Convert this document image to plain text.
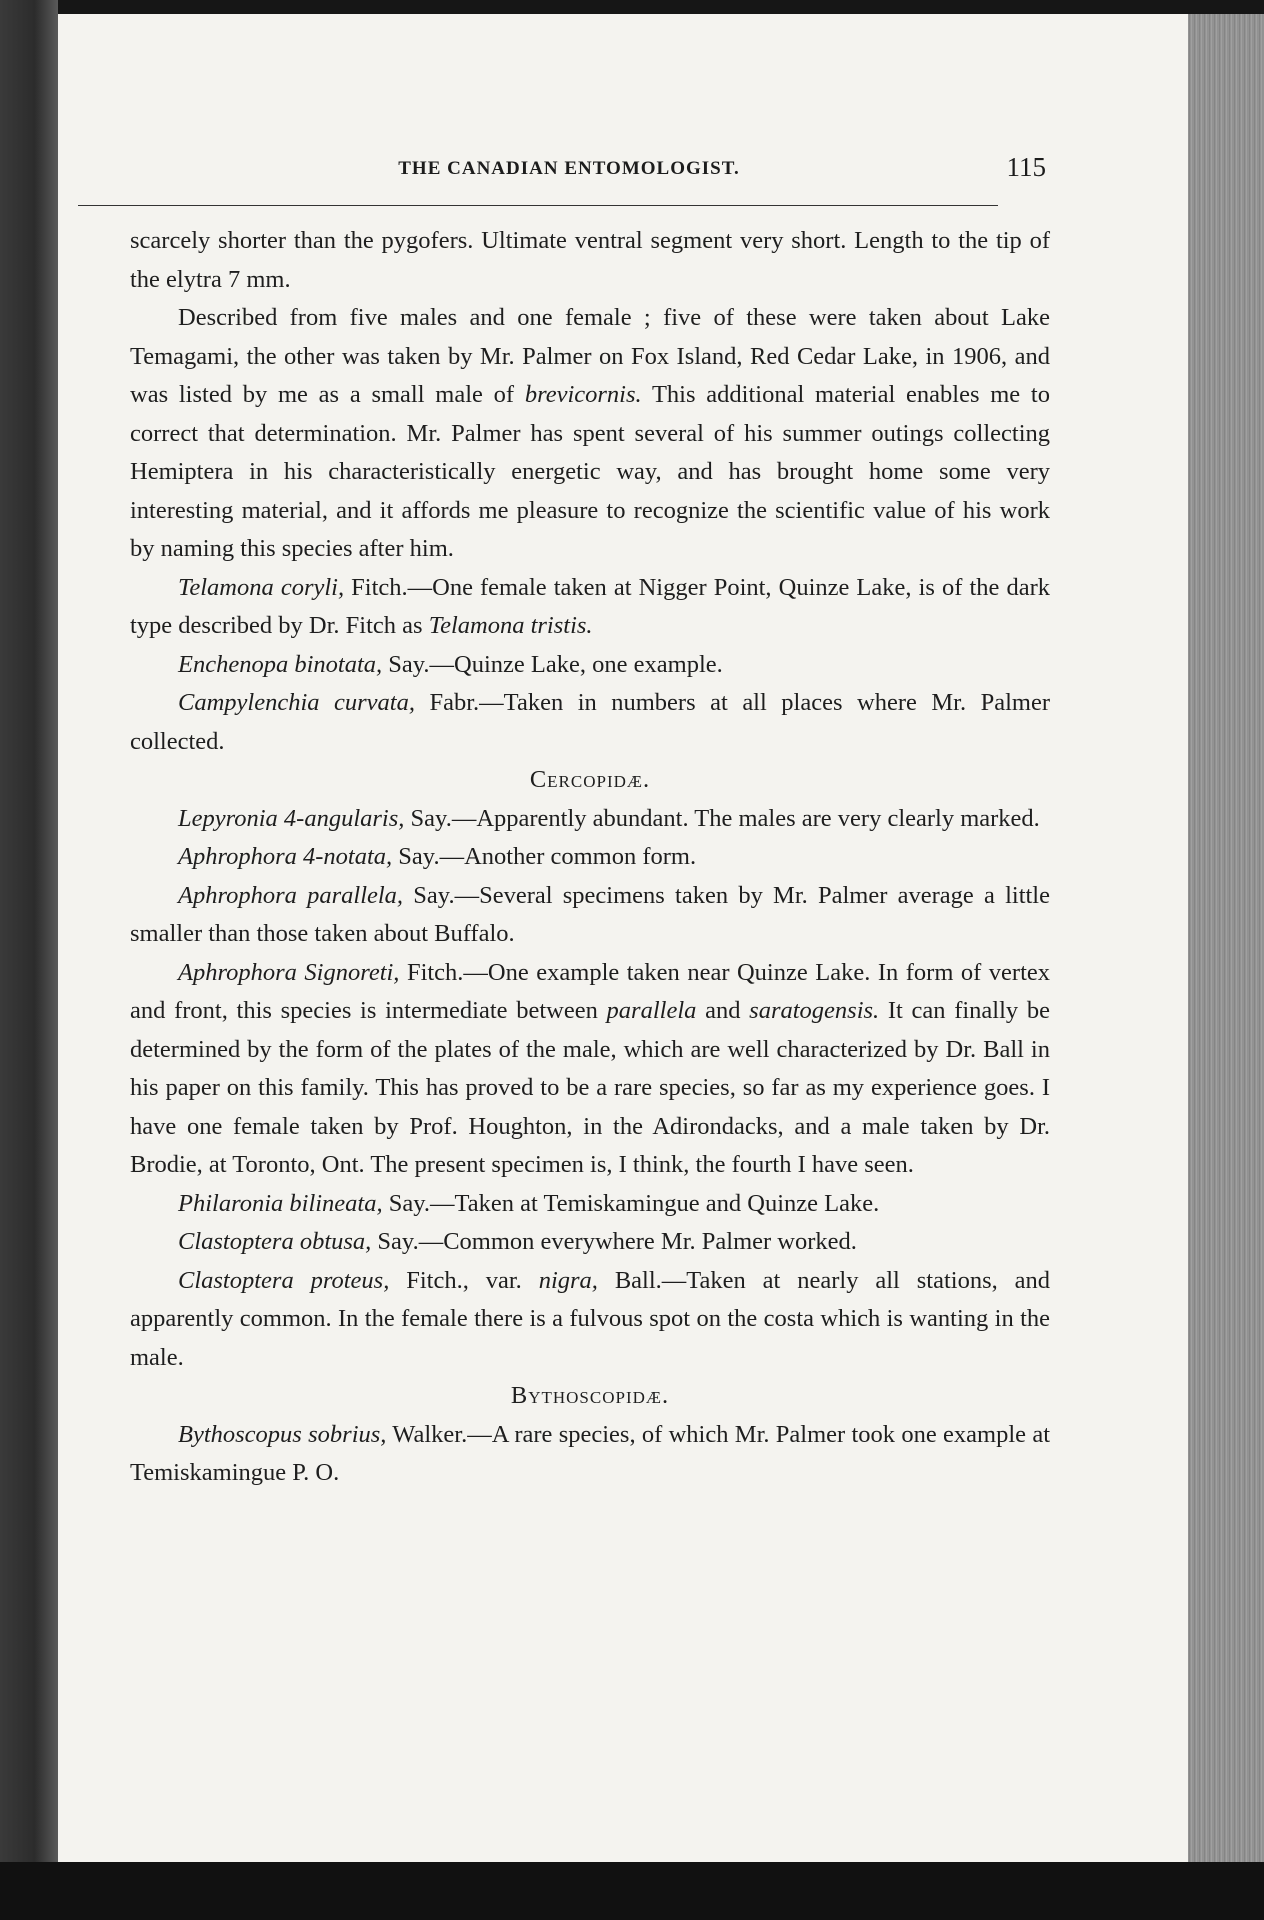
THE CANADIAN ENTOMOLOGIST.	115

scarcely shorter than the pygofers. Ultimate ventral segment very short. Length to the tip of the elytra 7 mm.

Described from five males and one female ; five of these were taken about Lake Temagami, the other was taken by Mr. Palmer on Fox Island, Red Cedar Lake, in 1906, and was listed by me as a small male of brevicornis. This additional material enables me to correct that determination. Mr. Palmer has spent several of his summer outings collecting Hemiptera in his characteristically energetic way, and has brought home some very interesting material, and it affords me pleasure to recognize the scientific value of his work by naming this species after him.

Telamona coryli, Fitch.—One female taken at Nigger Point, Quinze Lake, is of the dark type described by Dr. Fitch as Telamona tristis.

Enchenopa binotata, Say.—Quinze Lake, one example.

Campylenchia curvata, Fabr.—Taken in numbers at all places where Mr. Palmer collected.

Cercopidæ.

Lepyronia 4-angularis, Say.—Apparently abundant. The males are very clearly marked.

Aphrophora 4-notata, Say.—Another common form.

Aphrophora parallela, Say.—Several specimens taken by Mr. Palmer average a little smaller than those taken about Buffalo.

Aphrophora Signoreti, Fitch.—One example taken near Quinze Lake. In form of vertex and front, this species is intermediate between parallela and saratogensis. It can finally be determined by the form of the plates of the male, which are well characterized by Dr. Ball in his paper on this family. This has proved to be a rare species, so far as my experience goes. I have one female taken by Prof. Houghton, in the Adirondacks, and a male taken by Dr. Brodie, at Toronto, Ont. The present specimen is, I think, the fourth I have seen.

Philaronia bilineata, Say.—Taken at Temiskamingue and Quinze Lake.

Clastoptera obtusa, Say.—Common everywhere Mr. Palmer worked.

Clastoptera proteus, Fitch., var. nigra, Ball.—Taken at nearly all stations, and apparently common. In the female there is a fulvous spot on the costa which is wanting in the male.

Bythoscopidæ.

Bythoscopus sobrius, Walker.—A rare species, of which Mr. Palmer took one example at Temiskamingue P. O.
